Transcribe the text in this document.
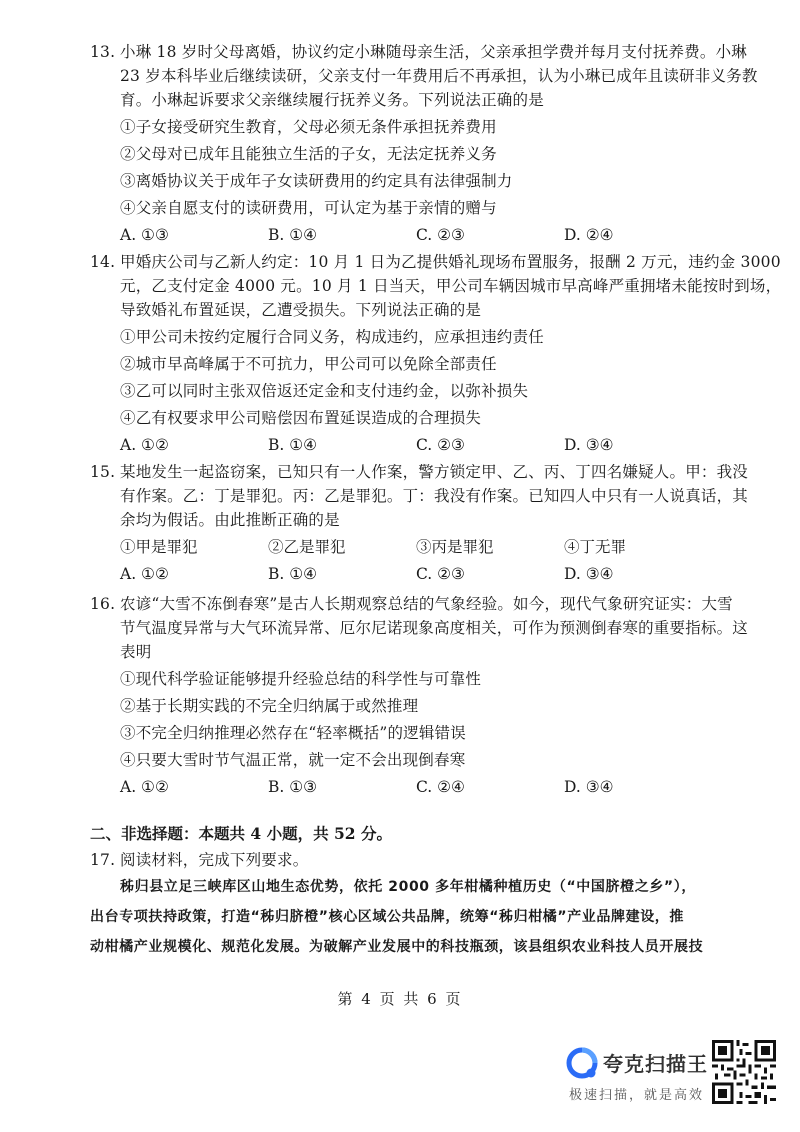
13. 小琳 18 岁时父母离婚，协议约定小琳随母亲生活，父亲承担学费并每月支付抚养费。小琳
23 岁本科毕业后继续读研，父亲支付一年费用后不再承担，认为小琳已成年且读研非义务教
育。小琳起诉要求父亲继续履行抚养义务。下列说法正确的是
①子女接受研究生教育，父母必须无条件承担抚养费用
②父母对已成年且能独立生活的子女，无法定抚养义务
③离婚协议关于成年子女读研费用的约定具有法律强制力
④父亲自愿支付的读研费用，可认定为基于亲情的赠与
A. ①③	B. ①④	C. ②③	D. ②④
14. 甲婚庆公司与乙新人约定：10 月 1 日为乙提供婚礼现场布置服务，报酬 2 万元，违约金 3000
元，乙支付定金 4000 元。10 月 1 日当天，甲公司车辆因城市早高峰严重拥堵未能按时到场，
导致婚礼布置延误，乙遭受损失。下列说法正确的是
①甲公司未按约定履行合同义务，构成违约，应承担违约责任
②城市早高峰属于不可抗力，甲公司可以免除全部责任
③乙可以同时主张双倍返还定金和支付违约金，以弥补损失
④乙有权要求甲公司赔偿因布置延误造成的合理损失
A. ①②	B. ①④	C. ②③	D. ③④
15. 某地发生一起盗窃案，已知只有一人作案，警方锁定甲、乙、丙、丁四名嫌疑人。甲：我没
有作案。乙：丁是罪犯。丙：乙是罪犯。丁：我没有作案。已知四人中只有一人说真话，其
余均为假话。由此推断正确的是
①甲是罪犯	②乙是罪犯	③丙是罪犯	④丁无罪
A. ①②	B. ①④	C. ②③	D. ③④
16. 农谚“大雪不冻倒春寒”是古人长期观察总结的气象经验。如今，现代气象研究证实：大雪
节气温度异常与大气环流异常、厄尔尼诺现象高度相关，可作为预测倒春寒的重要指标。这
表明
①现代科学验证能够提升经验总结的科学性与可靠性
②基于长期实践的不完全归纳属于或然推理
③不完全归纳推理必然存在“轻率概括”的逻辑错误
④只要大雪时节气温正常，就一定不会出现倒春寒
A. ①②	B. ①③	C. ②④	D. ③④
二、非选择题：本题共 4 小题，共 52 分。
17. 阅读材料，完成下列要求。
秭归县立足三峡库区山地生态优势，依托 2000 多年柑橘种植历史（“中国脐橙之乡”），
出台专项扶持政策，打造“秭归脐橙”核心区域公共品牌，统筹“秭归柑橘”产业品牌建设，推
动柑橘产业规模化、规范化发展。为破解产业发展中的科技瓶颈，该县组织农业科技人员开展技
第 4 页 共 6 页
夸克扫描王
极速扫描，就是高效
